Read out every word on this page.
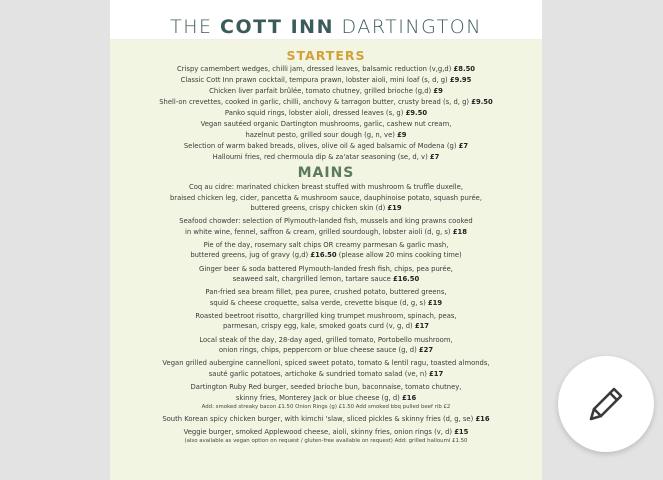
THE COTT INN DARTINGTON
STARTERS
Crispy camembert wedges, chilli jam, dressed leaves, balsamic reduction (v,g,d) £8.50
Classic Cott Inn prawn cocktail, tempura prawn, lobster aioli, mini loaf (s, d, g) £9.95
Chicken liver parfait brûlée, tomato chutney, grilled brioche (g,d) £9
Shell-on crevettes, cooked in garlic, chilli, anchovy & tarragon butter, crusty bread (s, d, g) £9.50
Panko squid rings, lobster aioli, dressed leaves (s, g) £9.50
Vegan sautéed organic Dartington mushrooms, garlic, cashew nut cream,
hazelnut pesto, grilled sour dough (g, n, ve) £9
Selection of warm baked breads, olives, olive oil & aged balsamic of Modena (g) £7
Halloumi fries, red chermoula dip & za'atar seasoning (se, d, v) £7
MAINS
Coq au cidre: marinated chicken breast stuffed with mushroom & truffle duxelle,
braised chicken leg, cider, pancetta & mushroom sauce, dauphinoise potato, squash purée,
buttered greens, crispy chicken skin (d) £19
Seafood chowder: selection of Plymouth-landed fish, mussels and king prawns cooked
in white wine, fennel, saffron & cream, grilled sourdough, lobster aioli (d, g, s) £18
Pie of the day, rosemary salt chips OR creamy parmesan & garlic mash,
buttered greens, jug of gravy (g,d) £16.50 (please allow 20 mins cooking time)
Ginger beer & soda battered Plymouth-landed fresh fish, chips, pea purée,
seaweed salt, chargrilled lemon, tartare sauce £16.50
Pan-fried sea bream fillet, pea puree, crushed potato, buttered greens,
squid & cheese croquette, salsa verde, crevette bisque (d, g, s) £19
Roasted beetroot risotto, chargrilled king trumpet mushroom, spinach, peas,
parmesan, crispy egg, kale, smoked goats curd (v, g, d) £17
Local steak of the day, 28-day aged, grilled tomato, Portobello mushroom,
onion rings, chips, peppercorn or blue cheese sauce (g, d) £27
Vegan grilled aubergine cannelloni, spiced sweet potato, tomato & lentil ragu, toasted almonds,
sauté garlic potatoes, artichoke & sundried tomato salad (ve, n) £17
Dartington Ruby Red burger, seeded brioche bun, baconnaise, tomato chutney,
skinny fries, Monterey Jack or blue cheese (g, d) £16
Add: smoked streaky bacon £1.50 Onion Rings (g) £1.50 Add smoked bbq pulled beef rib £2
South Korean spicy chicken burger, with kimchi 'slaw, sliced pickles & skinny fries (d, g, se) £16
Veggie burger, smoked Applewood cheese, aioli, skinny fries, onion rings (v, d) £15
(also available as vegan option on request / gluten-free available on request) Add: grilled halloumi £1.50
